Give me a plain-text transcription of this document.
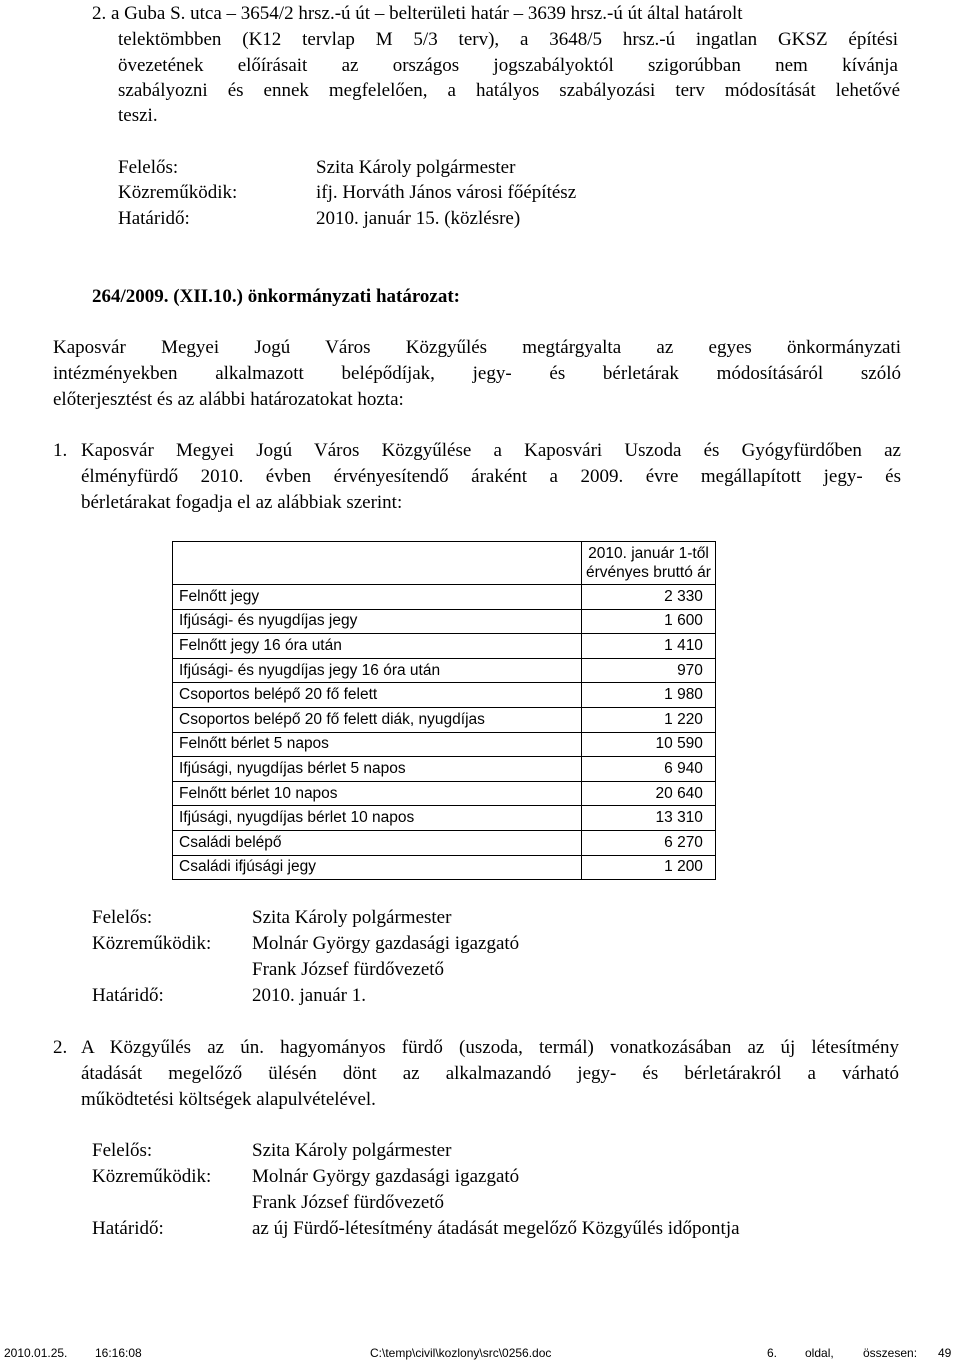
2. a Guba S. utca – 3654/2 hrsz.-ú út – belterületi határ – 3639 hrsz.-ú út által határolt
telektömbben (K12 tervlap M 5/3 terv), a 3648/5 hrsz.-ú ingatlan GKSZ építési
övezetének előírásait az országos jogszabályoktól szigorúbban nem kívánja
szabályozni és ennek megfelelően, a hatályos szabályozási terv módosítását lehetővé
teszi.
Felelős:	Szita Károly polgármester
Közreműködik:	ifj. Horváth János városi főépítész
Határidő:	2010. január 15. (közlésre)
264/2009. (XII.10.) önkormányzati határozat:
Kaposvár Megyei Jogú Város Közgyűlés megtárgyalta az egyes önkormányzati
intézményekben alkalmazott belépődíjak, jegy- és bérletárak módosításáról szóló
előterjesztést és az alábbi határozatokat hozta:
1. Kaposvár Megyei Jogú Város Közgyűlése a Kaposvári Uszoda és Gyógyfürdőben az
élményfürdő 2010. évben érvényesítendő áraként a 2009. évre megállapított jegy- és
bérletárakat fogadja el az alábbiak szerint:

	2010. január 1-től
érvényes bruttó ár

Felnőtt jegy	2 330
Ifjúsági- és nyugdíjas jegy	1 600
Felnőtt jegy 16 óra után	1 410
Ifjúsági- és nyugdíjas jegy 16 óra után	970
Csoportos belépő 20 fő felett	1 980
Csoportos belépő 20 fő felett diák, nyugdíjas	1 220
Felnőtt bérlet 5 napos	10 590
Ifjúsági, nyugdíjas bérlet 5 napos	6 940
Felnőtt bérlet 10 napos	20 640
Ifjúsági, nyugdíjas bérlet 10 napos	13 310
Családi belépő	6 270
Családi ifjúsági jegy	1 200
Felelős:	Szita Károly polgármester
Közreműködik: Molnár György gazdasági igazgató
Frank József fürdővezető
Határidő:	2010. január 1.
2. A Közgyűlés az ún. hagyományos fürdő (uszoda, termál) vonatkozásában az új létesítmény
átadását megelőző ülésén dönt az alkalmazandó jegy- és bérletárakról a várható
működtetési költségek alapulvételével.
Felelős:	Szita Károly polgármester
Közreműködik: Molnár György gazdasági igazgató
Frank József fürdővezető
Határidő:	az új Fürdő-létesítmény átadását megelőző Közgyűlés időpontja
2010.01.25. 16:16:08	C:\temp\civil\kozlony\src\0256.doc	6. oldal, összesen: 49
